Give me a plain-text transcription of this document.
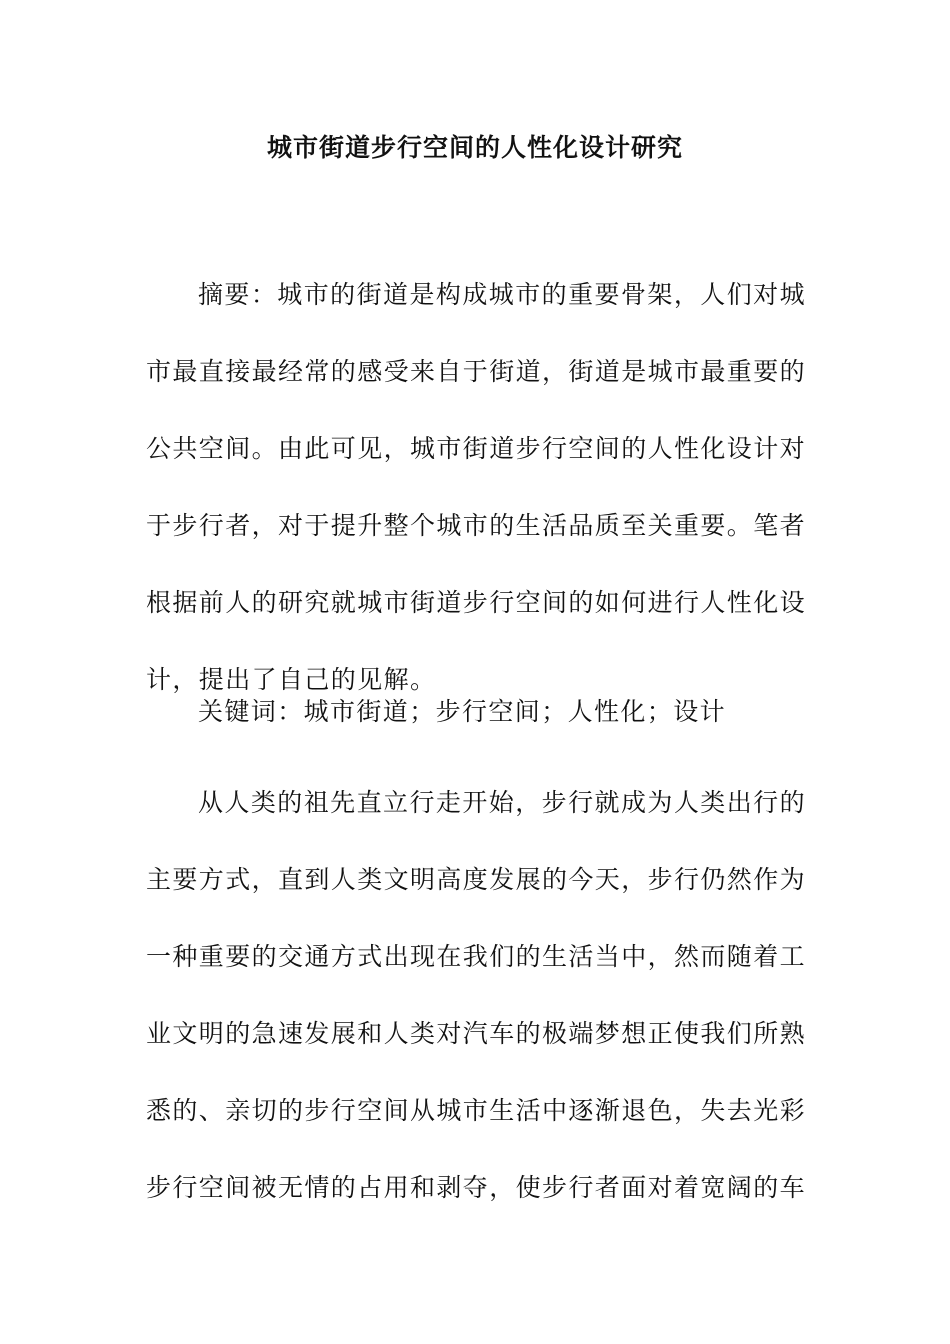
城市街道步行空间的人性化设计研究

摘要：城市的街道是构成城市的重要骨架，人们对城市最直接最经常的感受来自于街道，街道是城市最重要的公共空间。由此可见，城市街道步行空间的人性化设计对于步行者，对于提升整个城市的生活品质至关重要。笔者根据前人的研究就城市街道步行空间的如何进行人性化设计，提出了自己的见解。

关键词：城市街道；步行空间；人性化；设计

从人类的祖先直立行走开始，步行就成为人类出行的主要方式，直到人类文明高度发展的今天，步行仍然作为一种重要的交通方式出现在我们的生活当中，然而随着工业文明的急速发展和人类对汽车的极端梦想正使我们所熟悉的、亲切的步行空间从城市生活中逐渐退色，失去光彩步行空间被无情的占用和剥夺，使步行者面对着宽阔的车
